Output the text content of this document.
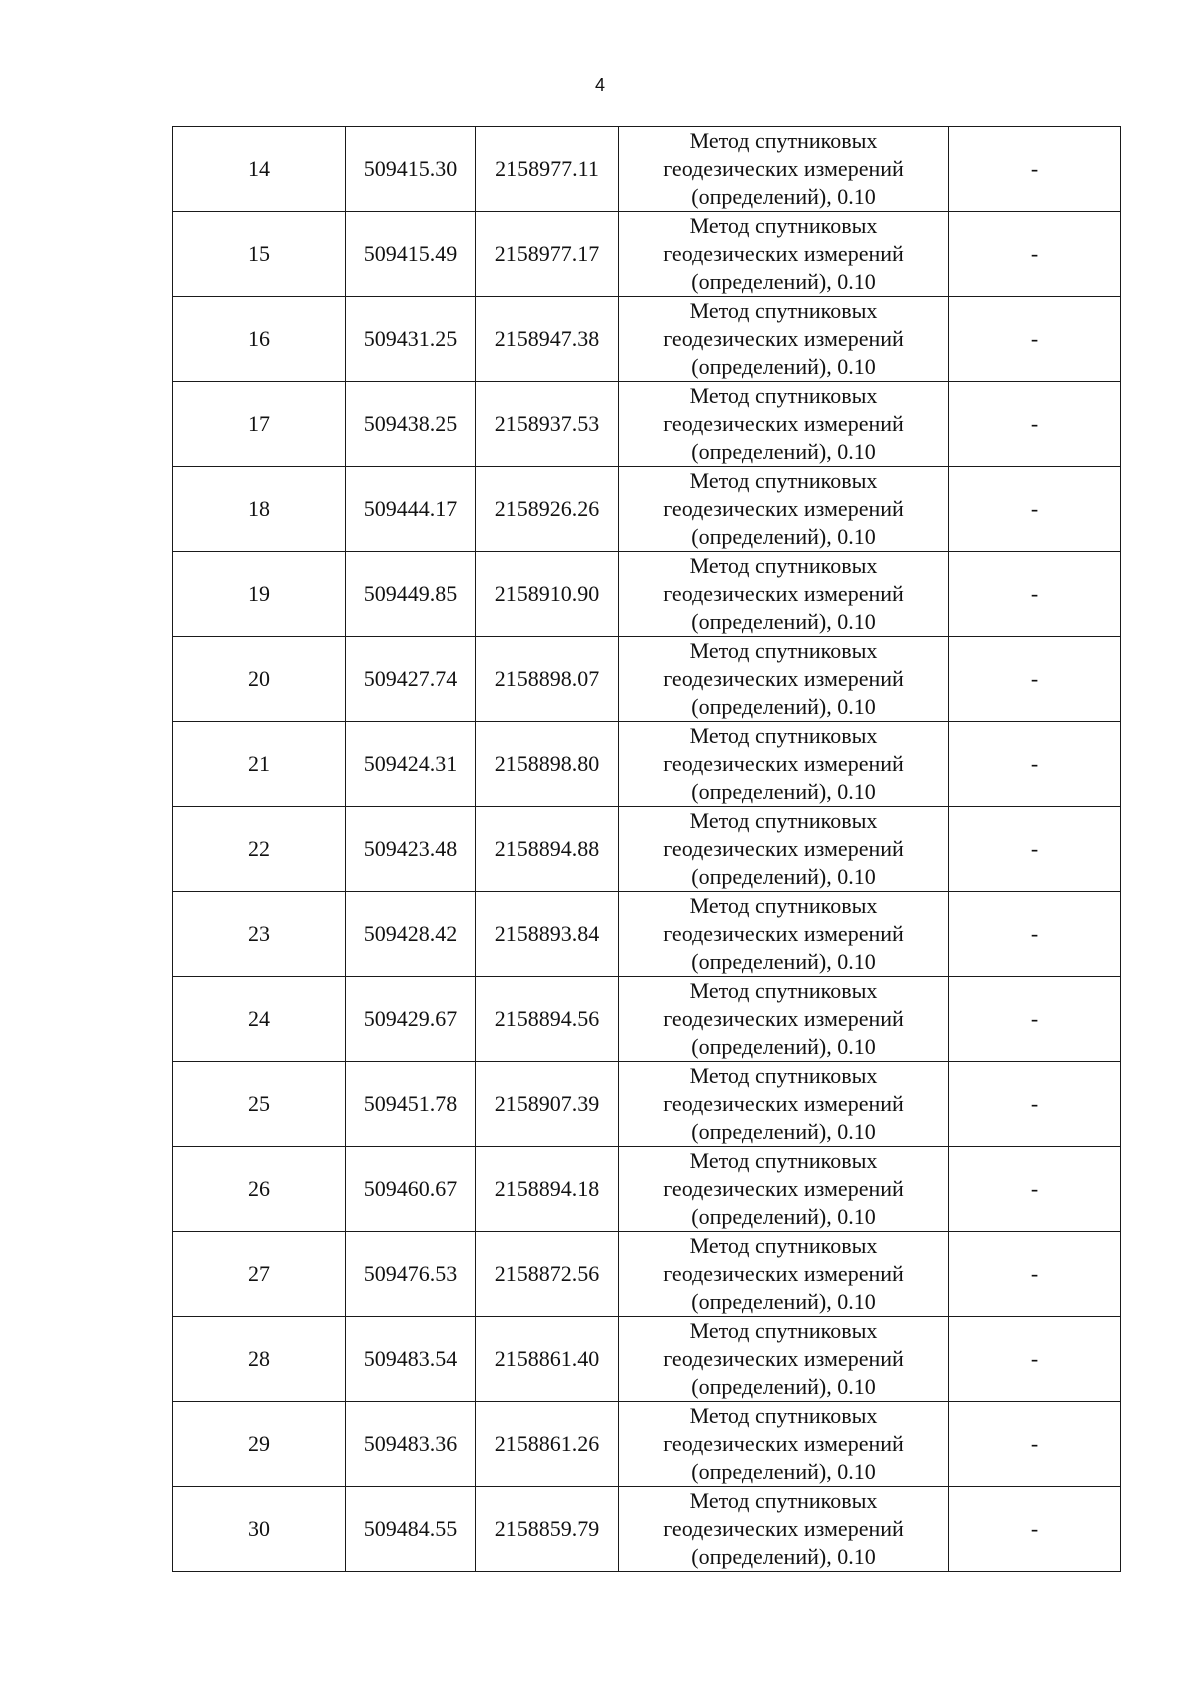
4
14	509415.30	2158977.11	Метод спутниковых
геодезических измерений
(определений), 0.10	-
15	509415.49	2158977.17	Метод спутниковых
геодезических измерений
(определений), 0.10	-
16	509431.25	2158947.38	Метод спутниковых
геодезических измерений
(определений), 0.10	-
17	509438.25	2158937.53	Метод спутниковых
геодезических измерений
(определений), 0.10	-
18	509444.17	2158926.26	Метод спутниковых
геодезических измерений
(определений), 0.10	-
19	509449.85	2158910.90	Метод спутниковых
геодезических измерений
(определений), 0.10	-
20	509427.74	2158898.07	Метод спутниковых
геодезических измерений
(определений), 0.10	-
21	509424.31	2158898.80	Метод спутниковых
геодезических измерений
(определений), 0.10	-
22	509423.48	2158894.88	Метод спутниковых
геодезических измерений
(определений), 0.10	-
23	509428.42	2158893.84	Метод спутниковых
геодезических измерений
(определений), 0.10	-
24	509429.67	2158894.56	Метод спутниковых
геодезических измерений
(определений), 0.10	-
25	509451.78	2158907.39	Метод спутниковых
геодезических измерений
(определений), 0.10	-
26	509460.67	2158894.18	Метод спутниковых
геодезических измерений
(определений), 0.10	-
27	509476.53	2158872.56	Метод спутниковых
геодезических измерений
(определений), 0.10	-
28	509483.54	2158861.40	Метод спутниковых
геодезических измерений
(определений), 0.10	-
29	509483.36	2158861.26	Метод спутниковых
геодезических измерений
(определений), 0.10	-
30	509484.55	2158859.79	Метод спутниковых
геодезических измерений
(определений), 0.10	-
